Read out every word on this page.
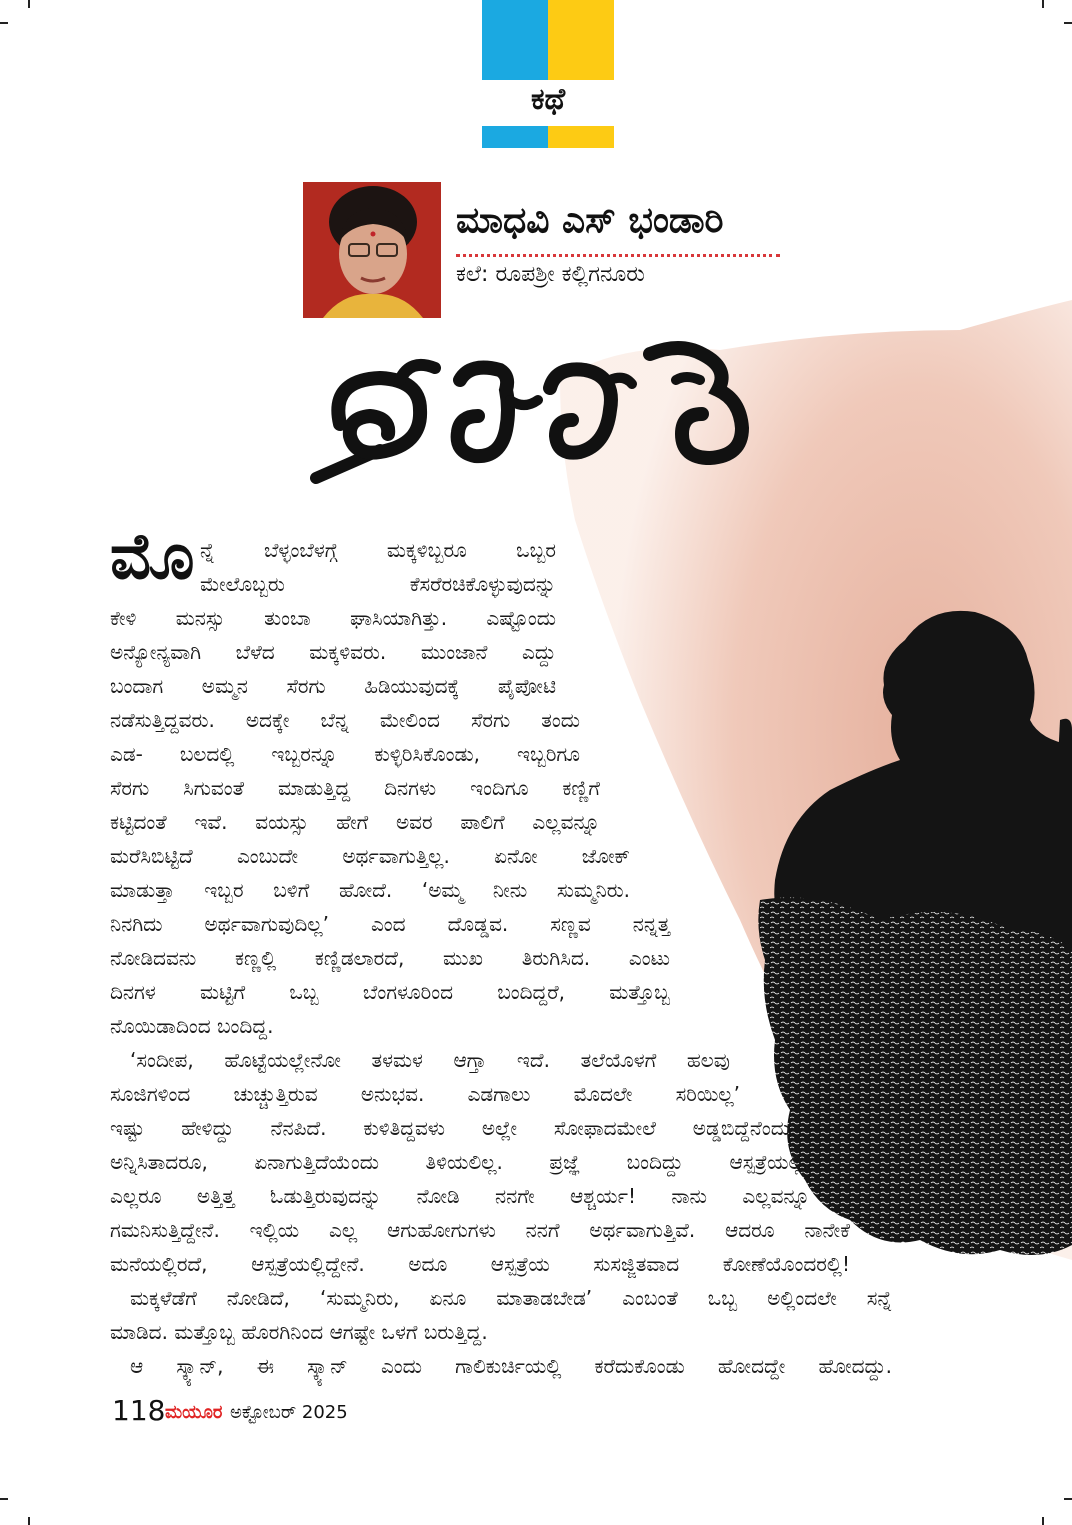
ಕಥೆ
ಮಾಧವಿ ಎಸ್ ಭಂಡಾರಿ
ಕಲೆ: ರೂಪಶ್ರೀ ಕಲ್ಲಿಗನೂರು
ಮೊ ನ್ನೆ ಬೆಳ್ಳಂಬೆಳಗ್ಗೆ ಮಕ್ಕಳಿಬ್ಬರೂ ಒಬ್ಬರ
ಮೇಲೊಬ್ಬರು ಕೆಸರೆರಚಿಕೊಳ್ಳುವುದನ್ನು
ಕೇಳಿ ಮನಸ್ಸು ತುಂಬಾ ಘಾಸಿಯಾಗಿತ್ತು. ಎಷ್ಟೊಂದು
ಅನ್ಯೋನ್ಯವಾಗಿ ಬೆಳೆದ ಮಕ್ಕಳಿವರು. ಮುಂಜಾನೆ ಎದ್ದು
ಬಂದಾಗ ಅಮ್ಮನ ಸೆರಗು ಹಿಡಿಯುವುದಕ್ಕೆ ಪೈಪೋಟಿ
ನಡೆಸುತ್ತಿದ್ದವರು. ಅದಕ್ಕೇ ಬೆನ್ನ ಮೇಲಿಂದ ಸೆರಗು ತಂದು
ಎಡ- ಬಲದಲ್ಲಿ ಇಬ್ಬರನ್ನೂ ಕುಳ್ಳಿರಿಸಿಕೊಂಡು, ಇಬ್ಬರಿಗೂ
ಸೆರಗು ಸಿಗುವಂತೆ ಮಾಡುತ್ತಿದ್ದ ದಿನಗಳು ಇಂದಿಗೂ ಕಣ್ಣಿಗೆ
ಕಟ್ಟಿದಂತೆ ಇವೆ. ವಯಸ್ಸು ಹೇಗೆ ಅವರ ಪಾಲಿಗೆ ಎಲ್ಲವನ್ನೂ
ಮರೆಸಿಬಿಟ್ಟಿದೆ ಎಂಬುದೇ ಅರ್ಥವಾಗುತ್ತಿಲ್ಲ. ಏನೋ ಜೋಕ್
ಮಾಡುತ್ತಾ ಇಬ್ಬರ ಬಳಿಗೆ ಹೋದೆ. ‘ಅಮ್ಮ ನೀನು ಸುಮ್ಮನಿರು.
ನಿನಗಿದು ಅರ್ಥವಾಗುವುದಿಲ್ಲ’ ಎಂದ ದೊಡ್ಡವ. ಸಣ್ಣವ ನನ್ನತ್ತ
ನೋಡಿದವನು ಕಣ್ಣಲ್ಲಿ ಕಣ್ಣಿಡಲಾರದೆ, ಮುಖ ತಿರುಗಿಸಿದ. ಎಂಟು
ದಿನಗಳ ಮಟ್ಟಿಗೆ ಒಬ್ಬ ಬೆಂಗಳೂರಿಂದ ಬಂದಿದ್ದರೆ, ಮತ್ತೊಬ್ಬ
ನೊಯಿಡಾದಿಂದ ಬಂದಿದ್ದ.
‘ಸಂದೀಪ, ಹೊಟ್ಟೆಯಲ್ಲೇನೋ ತಳಮಳ ಆಗ್ತಾ ಇದೆ. ತಲೆಯೊಳಗೆ ಹಲವು
ಸೂಜಿಗಳಿಂದ ಚುಚ್ಚುತ್ತಿರುವ ಅನುಭವ. ಎಡಗಾಲು ಮೊದಲೇ ಸರಿಯಿಲ್ಲ’
ಇಷ್ಟು ಹೇಳಿದ್ದು ನೆನಪಿದೆ. ಕುಳಿತಿದ್ದವಳು ಅಲ್ಲೇ ಸೋಫಾದಮೇಲೆ ಅಡ್ಡಬಿದ್ದೆನೆಂದು
ಅನ್ನಿಸಿತಾದರೂ, ಏನಾಗುತ್ತಿದೆಯೆಂದು ತಿಳಿಯಲಿಲ್ಲ. ಪ್ರಜ್ಞೆ ಬಂದಿದ್ದು ಆಸ್ಪತ್ರೆಯಲ್ಲಿ.
ಎಲ್ಲರೂ ಅತ್ತಿತ್ತ ಓಡುತ್ತಿರುವುದನ್ನು ನೋಡಿ ನನಗೇ ಆಶ್ಚರ್ಯ! ನಾನು ಎಲ್ಲವನ್ನೂ
ಗಮನಿಸುತ್ತಿದ್ದೇನೆ. ಇಲ್ಲಿಯ ಎಲ್ಲ ಆಗುಹೋಗುಗಳು ನನಗೆ ಅರ್ಥವಾಗುತ್ತಿವೆ. ಆದರೂ ನಾನೇಕೆ
ಮನೆಯಲ್ಲಿರದೆ, ಆಸ್ಪತ್ರೆಯಲ್ಲಿದ್ದೇನೆ. ಅದೂ ಆಸ್ಪತ್ರೆಯ ಸುಸಜ್ಜಿತವಾದ ಕೋಣೆಯೊಂದರಲ್ಲಿ!
ಮಕ್ಕಳೆಡೆಗೆ ನೋಡಿದೆ, ‘ಸುಮ್ಮನಿರು, ಏನೂ ಮಾತಾಡಬೇಡ’ ಎಂಬಂತೆ ಒಬ್ಬ ಅಲ್ಲಿಂದಲೇ ಸನ್ನೆ
ಮಾಡಿದ. ಮತ್ತೊಬ್ಬ ಹೊರಗಿನಿಂದ ಆಗಷ್ಟೇ ಒಳಗೆ ಬರುತ್ತಿದ್ದ.
ಆ ಸ್ಕ್ಯಾನ್, ಈ ಸ್ಕ್ಯಾನ್ ಎಂದು ಗಾಲಿಕುರ್ಚಿಯಲ್ಲಿ ಕರೆದುಕೊಂಡು ಹೋದದ್ದೇ ಹೋದದ್ದು.
118 ಮಯೂರ ಅಕ್ಟೋಬರ್ 2025
